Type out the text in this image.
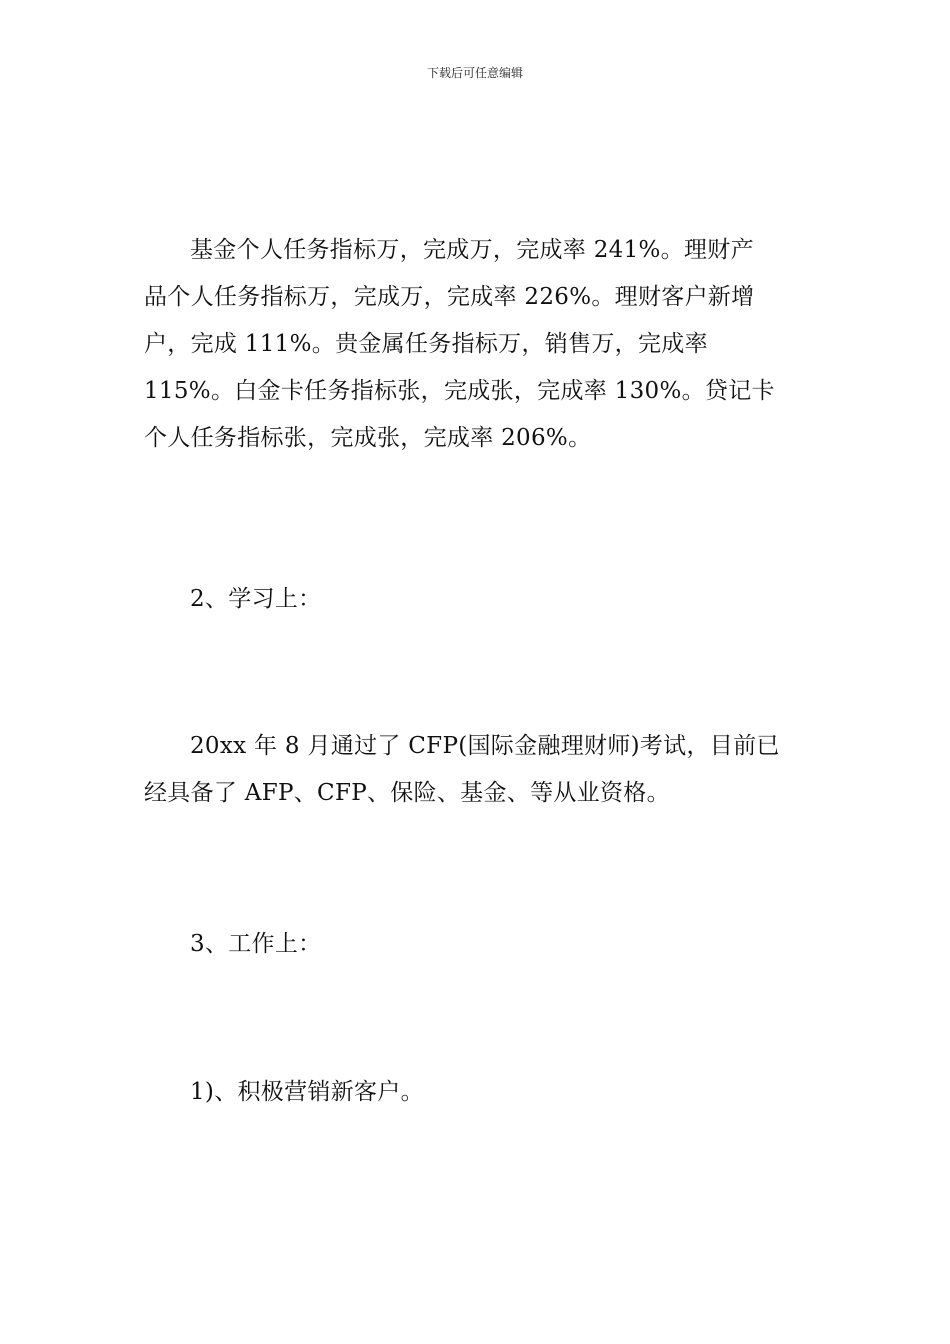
下载后可任意编辑

基金个人任务指标万，完成万，完成率 241%。理财产
品个人任务指标万，完成万，完成率 226%。理财客户新增
户，完成 111%。贵金属任务指标万，销售万，完成率
115%。白金卡任务指标张，完成张，完成率 130%。贷记卡
个人任务指标张，完成张，完成率 206%。

2、学习上：

20xx 年 8 月通过了 CFP(国际金融理财师)考试，目前已
经具备了 AFP、CFP、保险、基金、等从业资格。

3、工作上：

1)、积极营销新客户。
